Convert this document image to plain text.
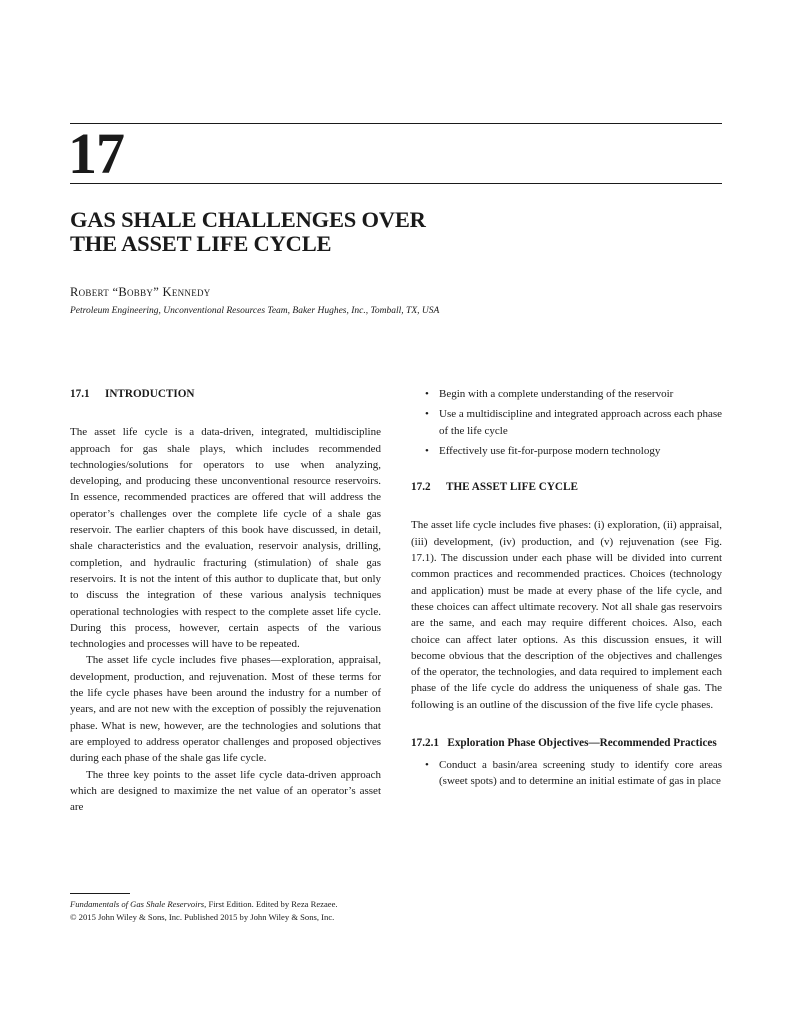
17
GAS SHALE CHALLENGES OVER
THE ASSET LIFE CYCLE
Robert “Bobby” Kennedy
Petroleum Engineering, Unconventional Resources Team, Baker Hughes, Inc., Tomball, TX, USA

17.1 INTRODUCTION

The asset life cycle is a data-driven, integrated, multidiscipline approach for gas shale plays, which includes recommended technologies/solutions for operators to use when analyzing, developing, and producing these unconventional resource reservoirs. In essence, recommended practices are offered that will address the operator’s challenges over the complete life cycle of a shale gas reservoir. The earlier chapters of this book have discussed, in detail, shale characteristics and the evaluation, reservoir analysis, drilling, completion, and hydraulic fracturing (stimulation) of shale gas reservoirs. It is not the intent of this author to duplicate that, but only to discuss the integration of these various analysis techniques operational technologies with respect to the complete asset life cycle. During this process, however, certain aspects of the various technologies and processes will have to be repeated.

The asset life cycle includes five phases—exploration, appraisal, development, production, and rejuvenation. Most of these terms for the life cycle phases have been around the industry for a number of years, and are not new with the exception of possibly the rejuvenation phase. What is new, however, are the technologies and solutions that are employed to address operator challenges and proposed objectives during each phase of the shale gas life cycle.

The three key points to the asset life cycle data-driven approach which are designed to maximize the net value of an operator’s asset are

• Begin with a complete understanding of the reservoir
• Use a multidiscipline and integrated approach across each phase of the life cycle
• Effectively use fit-for-purpose modern technology

17.2 THE ASSET LIFE CYCLE

The asset life cycle includes five phases: (i) exploration, (ii) appraisal, (iii) development, (iv) production, and (v) rejuvenation (see Fig. 17.1). The discussion under each phase will be divided into current common practices and recommended practices. Choices (technology and application) must be made at every phase of the life cycle, and these choices can affect ultimate recovery. Not all shale gas reservoirs are the same, and each may require different choices. Also, each choice can affect later options. As this discussion ensues, it will become obvious that the description of the objectives and challenges of the operator, the technologies, and data required to implement each phase of the life cycle do address the uniqueness of shale gas. The following is an outline of the discussion of the five life cycle phases.

17.2.1 Exploration Phase Objectives—Recommended Practices

• Conduct a basin/area screening study to identify core areas (sweet spots) and to determine an initial estimate of gas in place
Fundamentals of Gas Shale Reservoirs, First Edition. Edited by Reza Rezaee.
© 2015 John Wiley & Sons, Inc. Published 2015 by John Wiley & Sons, Inc.
